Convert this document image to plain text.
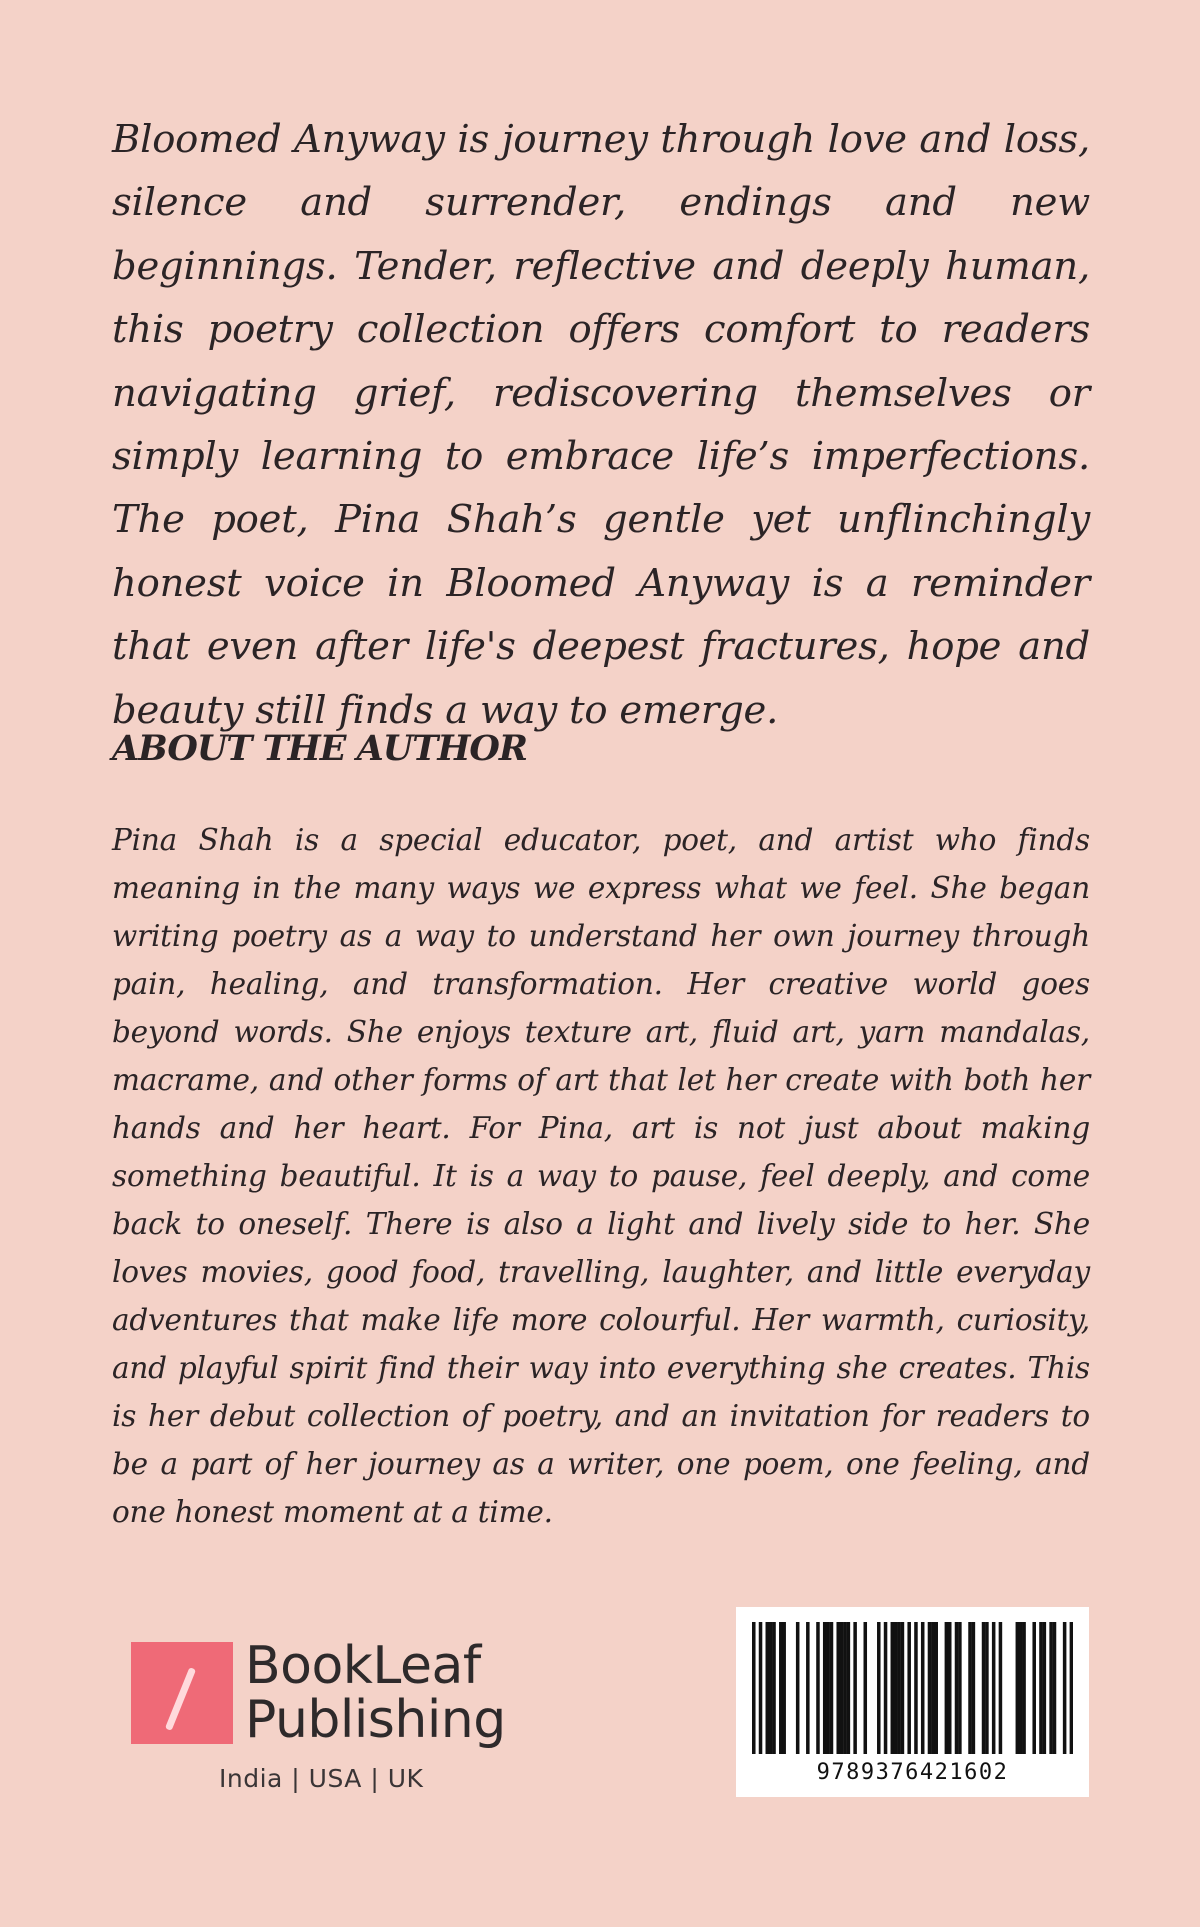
Bloomed Anyway is journey through love and loss, silence and surrender, endings and new beginnings. Tender, reflective and deeply human, this poetry collection offers comfort to readers navigating grief, rediscovering themselves or simply learning to embrace life’s imperfections. The poet, Pina Shah’s gentle yet unflinchingly honest voice in Bloomed Anyway is a reminder that even after life's deepest fractures, hope and beauty still finds a way to emerge.

ABOUT THE AUTHOR

Pina Shah is a special educator, poet, and artist who finds meaning in the many ways we express what we feel. She began writing poetry as a way to understand her own journey through pain, healing, and transformation. Her creative world goes beyond words. She enjoys texture art, fluid art, yarn mandalas, macrame, and other forms of art that let her create with both her hands and her heart. For Pina, art is not just about making something beautiful. It is a way to pause, feel deeply, and come back to oneself. There is also a light and lively side to her. She loves movies, good food, travelling, laughter, and little everyday adventures that make life more colourful. Her warmth, curiosity, and playful spirit find their way into everything she creates. This is her debut collection of poetry, and an invitation for readers to be a part of her journey as a writer, one poem, one feeling, and one honest moment at a time.

BookLeaf

Publishing

India | USA | UK	9789376421602
